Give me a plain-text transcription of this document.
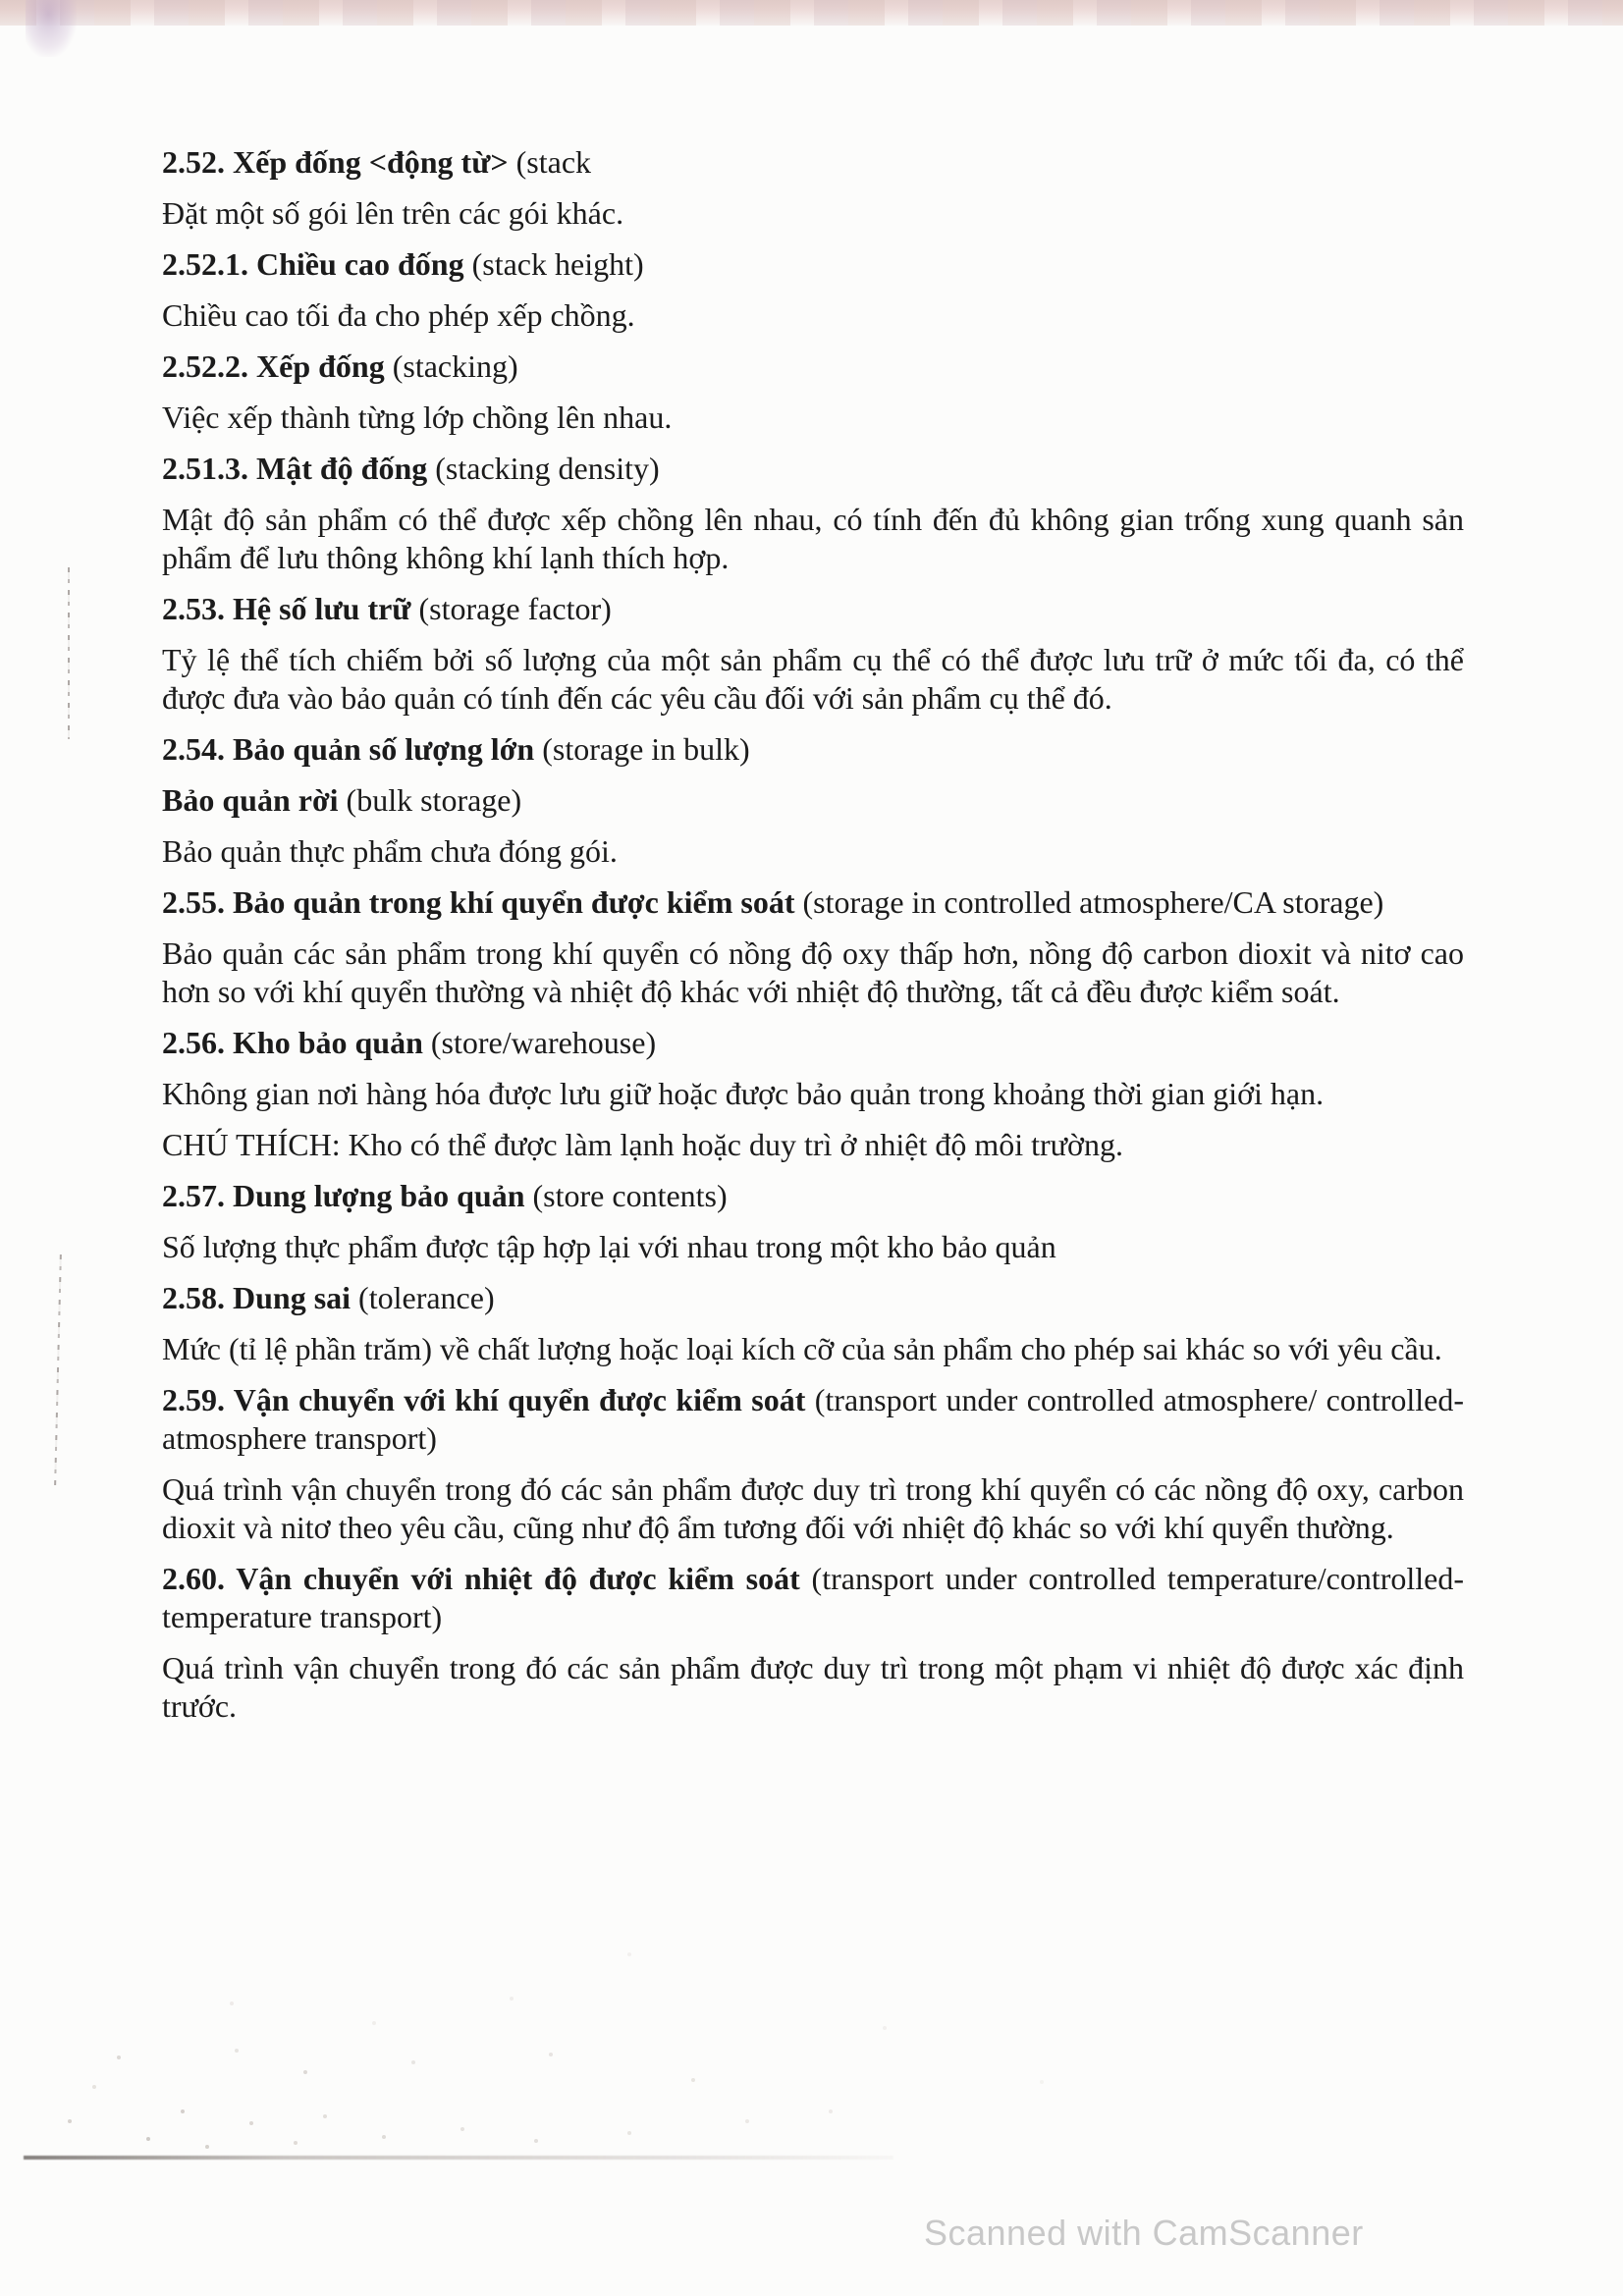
2.52. Xếp đống <động từ> (stack

Đặt một số gói lên trên các gói khác.

2.52.1. Chiều cao đống (stack height)

Chiều cao tối đa cho phép xếp chồng.

2.52.2. Xếp đống (stacking)

Việc xếp thành từng lớp chồng lên nhau.

2.51.3. Mật độ đống (stacking density)

Mật độ sản phẩm có thể được xếp chồng lên nhau, có tính đến đủ không gian trống xung quanh sản phẩm để lưu thông không khí lạnh thích hợp.

2.53. Hệ số lưu trữ (storage factor)

Tỷ lệ thể tích chiếm bởi số lượng của một sản phẩm cụ thể có thể được lưu trữ ở mức tối đa, có thể được đưa vào bảo quản có tính đến các yêu cầu đối với sản phẩm cụ thể đó.

2.54. Bảo quản số lượng lớn (storage in bulk)

Bảo quản rời (bulk storage)

Bảo quản thực phẩm chưa đóng gói.

2.55. Bảo quản trong khí quyển được kiểm soát (storage in controlled atmosphere/CA storage)

Bảo quản các sản phẩm trong khí quyển có nồng độ oxy thấp hơn, nồng độ carbon dioxit và nitơ cao hơn so với khí quyển thường và nhiệt độ khác với nhiệt độ thường, tất cả đều được kiểm soát.

2.56. Kho bảo quản (store/warehouse)

Không gian nơi hàng hóa được lưu giữ hoặc được bảo quản trong khoảng thời gian giới hạn.

CHÚ THÍCH: Kho có thể được làm lạnh hoặc duy trì ở nhiệt độ môi trường.

2.57. Dung lượng bảo quản (store contents)

Số lượng thực phẩm được tập hợp lại với nhau trong một kho bảo quản

2.58. Dung sai (tolerance)

Mức (tỉ lệ phần trăm) về chất lượng hoặc loại kích cỡ của sản phẩm cho phép sai khác so với yêu cầu.

2.59. Vận chuyển với khí quyển được kiểm soát (transport under controlled atmosphere/ controlled-atmosphere transport)

Quá trình vận chuyển trong đó các sản phẩm được duy trì trong khí quyển có các nồng độ oxy, carbon dioxit và nitơ theo yêu cầu, cũng như độ ẩm tương đối với nhiệt độ khác so với khí quyển thường.

2.60. Vận chuyển với nhiệt độ được kiểm soát (transport under controlled temperature/controlled-temperature transport)

Quá trình vận chuyển trong đó các sản phẩm được duy trì trong một phạm vi nhiệt độ được xác định trước.

Scanned with CamScanner
